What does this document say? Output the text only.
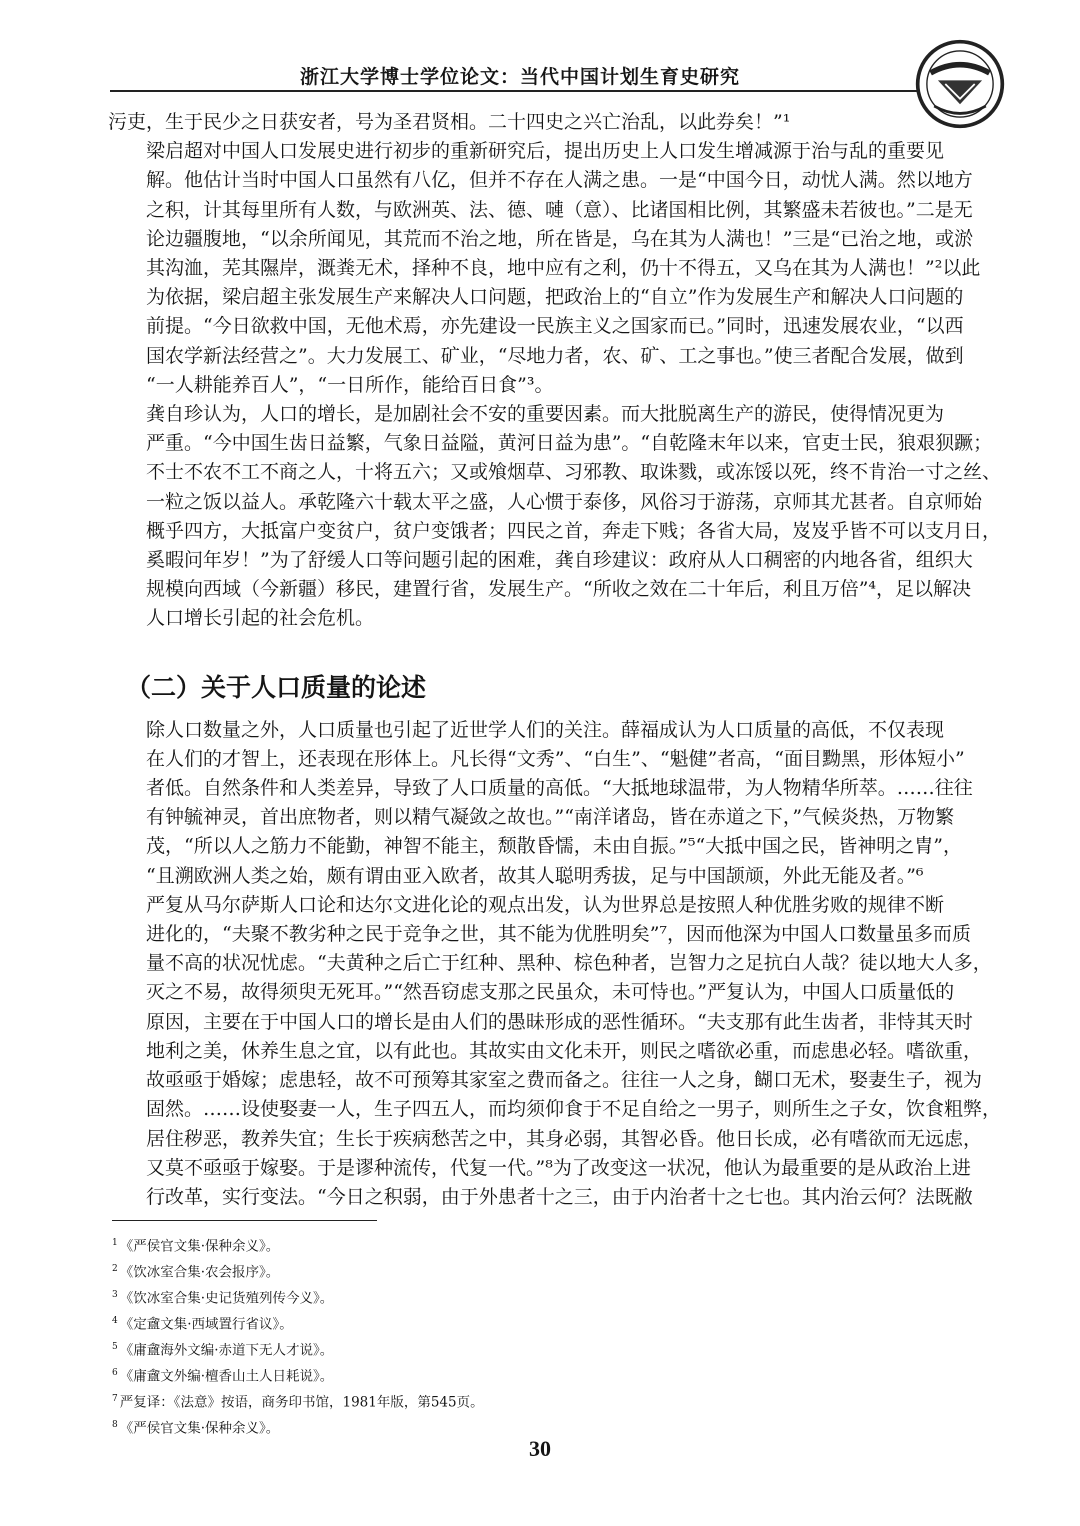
浙江大学博士学位论文：当代中国计划生育史研究

污吏，生于民少之日获安者，号为圣君贤相。二十四史之兴亡治乱，以此券矣！”¹

梁启超对中国人口发展史进行初步的重新研究后，提出历史上人口发生增减源于治与乱的重要见
解。他估计当时中国人口虽然有八亿，但并不存在人满之患。一是“中国今日，动忧人满。然以地方
之积，计其每里所有人数，与欧洲英、法、德、嗹（意）、比诸国相比例，其繁盛未若彼也。”二是无
论边疆腹地，“以余所闻见，其荒而不治之地，所在皆是，乌在其为人满也！”三是“已治之地，或淤
其沟洫，芜其隰岸，溉粪无术，择种不良，地中应有之利，仍十不得五，又乌在其为人满也！”²以此
为依据，梁启超主张发展生产来解决人口问题，把政治上的“自立”作为发展生产和解决人口问题的
前提。“今日欲救中国，无他术焉，亦先建设一民族主义之国家而已。”同时，迅速发展农业，“以西
国农学新法经营之”。大力发展工、矿业，“尽地力者，农、矿、工之事也。”使三者配合发展，做到
“一人耕能养百人”，“一日所作，能给百日食”³。

龚自珍认为，人口的增长，是加剧社会不安的重要因素。而大批脱离生产的游民，使得情况更为
严重。“今中国生齿日益繁，气象日益隘，黄河日益为患”。“自乾隆末年以来，官吏士民，狼艰狈蹶；
不士不农不工不商之人，十将五六；又或飧烟草、习邪教、取诛戮，或冻馁以死，终不肯治一寸之丝、
一粒之饭以益人。承乾隆六十载太平之盛，人心惯于泰侈，风俗习于游荡，京师其尤甚者。自京师始
概乎四方，大抵富户变贫户，贫户变饿者；四民之首，奔走下贱；各省大局，岌岌乎皆不可以支月日，
奚暇问年岁！”为了舒缓人口等问题引起的困难，龚自珍建议：政府从人口稠密的内地各省，组织大
规模向西域（今新疆）移民，建置行省，发展生产。“所收之效在二十年后，利且万倍”⁴，足以解决
人口增长引起的社会危机。

（二）关于人口质量的论述

除人口数量之外，人口质量也引起了近世学人们的关注。薛福成认为人口质量的高低，不仅表现
在人们的才智上，还表现在形体上。凡长得“文秀”、“白生”、“魁健”者高，“面目黝黑，形体短小”
者低。自然条件和人类差异，导致了人口质量的高低。“大抵地球温带，为人物精华所萃。……往往
有钟毓神灵，首出庶物者，则以精气凝敛之故也。”“南洋诸岛，皆在赤道之下，”气候炎热，万物繁
茂，“所以人之筋力不能勤，神智不能主，颓散昏懦，未由自振。”⁵“大抵中国之民，皆神明之胄”，
“且溯欧洲人类之始，颇有谓由亚入欧者，故其人聪明秀拔，足与中国颉颃，外此无能及者。”⁶

严复从马尔萨斯人口论和达尔文进化论的观点出发，认为世界总是按照人种优胜劣败的规律不断
进化的，“夫聚不教劣种之民于竞争之世，其不能为优胜明矣”⁷，因而他深为中国人口数量虽多而质
量不高的状况忧虑。“夫黄种之后亡于红种、黑种、棕色种者，岂智力之足抗白人哉？徒以地大人多，
灭之不易，故得须臾无死耳。”“然吾窃虑支那之民虽众，未可恃也。”严复认为，中国人口质量低的
原因，主要在于中国人口的增长是由人们的愚昧形成的恶性循环。“夫支那有此生齿者，非恃其天时
地利之美，休养生息之宜，以有此也。其故实由文化未开，则民之嗜欲必重，而虑患必轻。嗜欲重，
故亟亟于婚嫁；虑患轻，故不可预筹其家室之费而备之。往往一人之身，餬口无术，娶妻生子，视为
固然。……设使娶妻一人，生子四五人，而均须仰食于不足自给之一男子，则所生之子女，饮食粗弊，
居住秽恶，教养失宜；生长于疾病愁苦之中，其身必弱，其智必昏。他日长成，必有嗜欲而无远虑，
又莫不亟亟于嫁娶。于是谬种流传，代复一代。”⁸为了改变这一状况，他认为最重要的是从政治上进
行改革，实行变法。“今日之积弱，由于外患者十之三，由于内治者十之七也。其内治云何？法既敝

$^1$ 《严侯官文集·保种余义》。

$^2$ 《饮冰室合集·农会报序》。

$^3$ 《饮冰室合集·史记货殖列传今义》。

$^4$ 《定盦文集·西域置行省议》。

$^5$ 《庸盦海外文编·赤道下无人才说》。

$^6$ 《庸盦文外编·檀香山土人日耗说》。

$^7$ 严复译：《法意》按语，商务印书馆，1981年版，第545页。

$^8$ 《严侯官文集·保种余义》。

30
